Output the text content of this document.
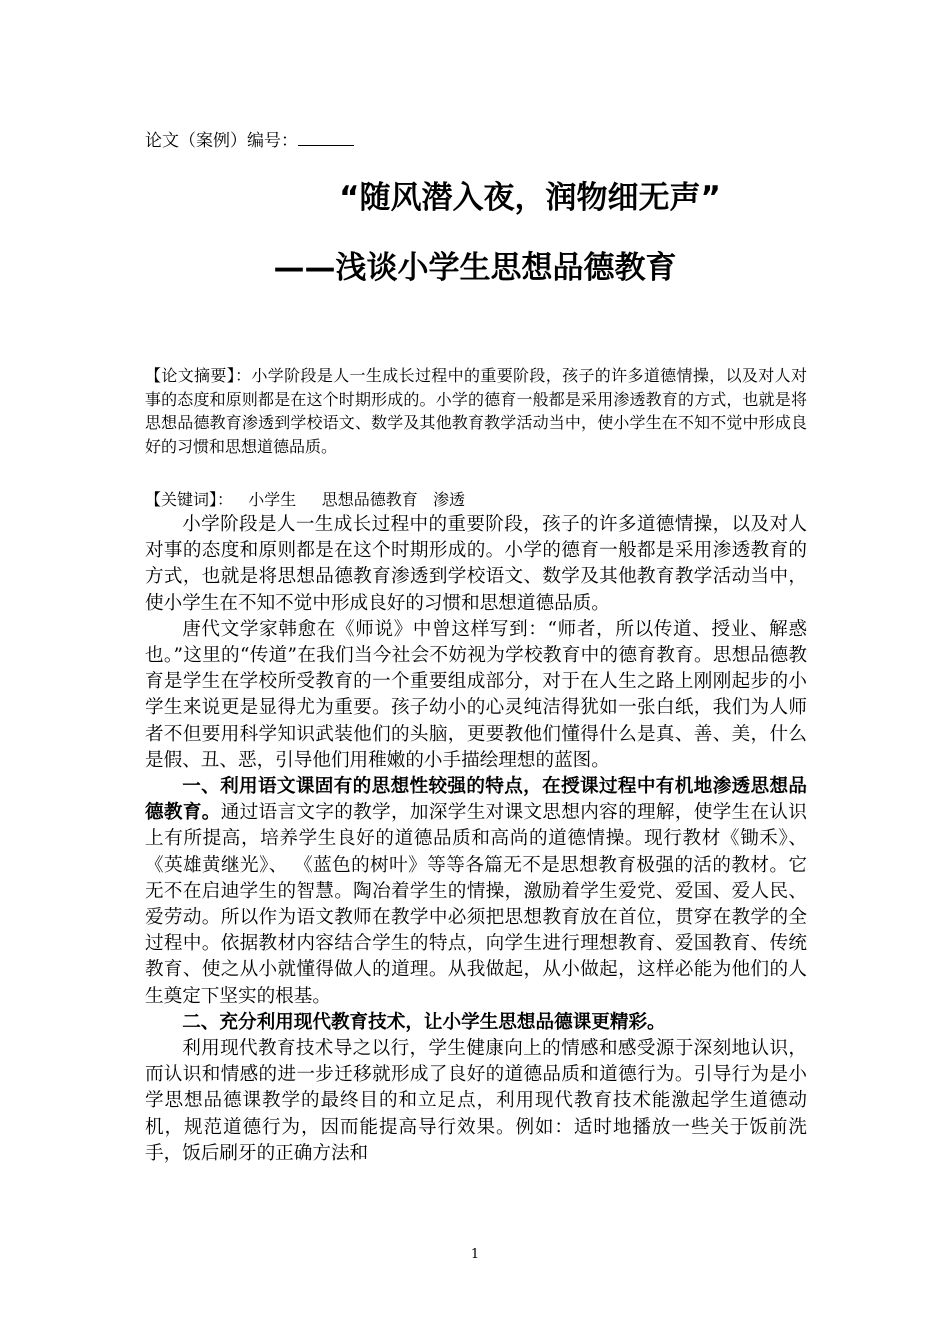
论文（案例）编号：
“随风潜入夜，润物细无声”
——浅谈小学生思想品德教育
【论文摘要】：小学阶段是人一生成长过程中的重要阶段，孩子的许多道德情操，以及对人对事的态度和原则都是在这个时期形成的。小学的德育一般都是采用渗透教育的方式，也就是将思想品德教育渗透到学校语文、数学及其他教育教学活动当中，使小学生在不知不觉中形成良好的习惯和思想道德品质。
【关键词】：   小学生     思想品德教育   渗透

小学阶段是人一生成长过程中的重要阶段，孩子的许多道德情操，以及对人对事的态度和原则都是在这个时期形成的。小学的德育一般都是采用渗透教育的方式，也就是将思想品德教育渗透到学校语文、数学及其他教育教学活动当中，使小学生在不知不觉中形成良好的习惯和思想道德品质。

唐代文学家韩愈在《师说》中曾这样写到：“师者，所以传道、授业、解惑也。”这里的“传道”在我们当今社会不妨视为学校教育中的德育教育。思想品德教育是学生在学校所受教育的一个重要组成部分，对于在人生之路上刚刚起步的小学生来说更是显得尤为重要。孩子幼小的心灵纯洁得犹如一张白纸，我们为人师者不但要用科学知识武装他们的头脑，更要教他们懂得什么是真、善、美，什么是假、丑、恶，引导他们用稚嫩的小手描绘理想的蓝图。

一、利用语文课固有的思想性较强的特点，在授课过程中有机地渗透思想品德教育。通过语言文字的教学，加深学生对课文思想内容的理解，使学生在认识上有所提高，培养学生良好的道德品质和高尚的道德情操。现行教材《锄禾》、《英雄黄继光》、 《蓝色的树叶》等等各篇无不是思想教育极强的活的教材。它无不在启迪学生的智慧。陶冶着学生的情操，激励着学生爱党、爱国、爱人民、爱劳动。所以作为语文教师在教学中必须把思想教育放在首位，贯穿在教学的全过程中。依据教材内容结合学生的特点，向学生进行理想教育、爱国教育、传统教育、使之从小就懂得做人的道理。从我做起，从小做起，这样必能为他们的人生奠定下坚实的根基。

二、充分利用现代教育技术，让小学生思想品德课更精彩。

利用现代教育技术导之以行，学生健康向上的情感和感受源于深刻地认识，而认识和情感的进一步迁移就形成了良好的道德品质和道德行为。引导行为是小学思想品德课教学的最终目的和立足点，利用现代教育技术能激起学生道德动机，规范道德行为，因而能提高导行效果。例如：适时地播放一些关于饭前洗手，饭后刷牙的正确方法和

1
